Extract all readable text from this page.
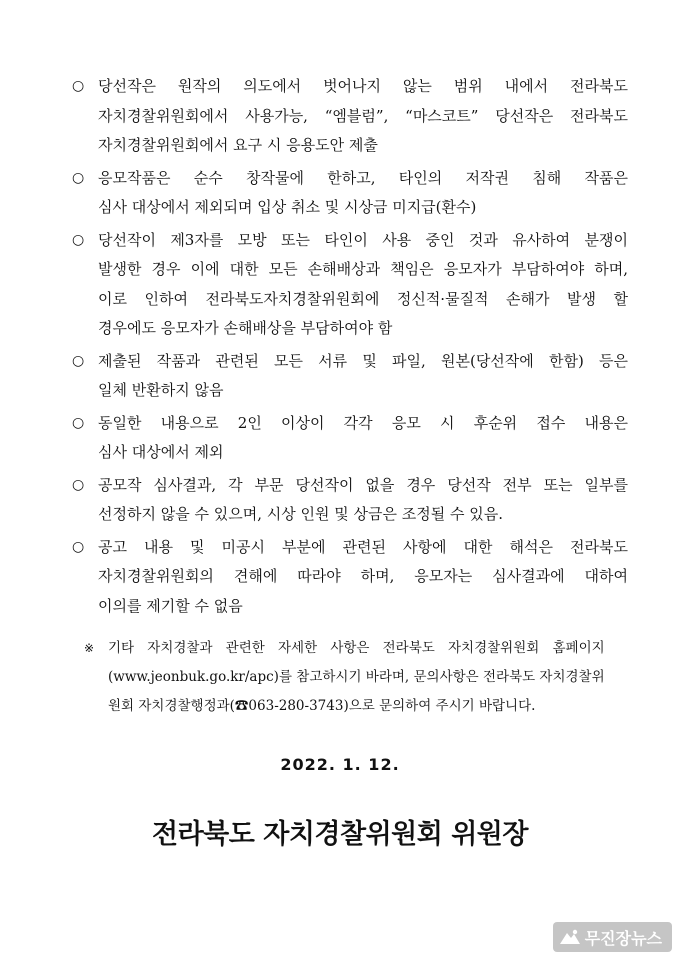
○ 당선작은 원작의 의도에서 벗어나지 않는 범위 내에서 전라북도
자치경찰위원회에서 사용가능, “엠블럼”, “마스코트” 당선작은 전라북도
자치경찰위원회에서 요구 시 응용도안 제출
○ 응모작품은 순수 창작물에 한하고, 타인의 저작권 침해 작품은
심사 대상에서 제외되며 입상 취소 및 시상금 미지급(환수)
○ 당선작이 제3자를 모방 또는 타인이 사용 중인 것과 유사하여 분쟁이
발생한 경우 이에 대한 모든 손해배상과 책임은 응모자가 부담하여야 하며,
이로 인하여 전라북도자치경찰위원회에 정신적·물질적 손해가 발생 할
경우에도 응모자가 손해배상을 부담하여야 함
○ 제출된 작품과 관련된 모든 서류 및 파일, 원본(당선작에 한함) 등은
일체 반환하지 않음
○ 동일한 내용으로 2인 이상이 각각 응모 시 후순위 접수 내용은
심사 대상에서 제외
○ 공모작 심사결과, 각 부문 당선작이 없을 경우 당선작 전부 또는 일부를
선정하지 않을 수 있으며, 시상 인원 및 상금은 조정될 수 있음.
○ 공고 내용 및 미공시 부분에 관련된 사항에 대한 해석은 전라북도
자치경찰위원회의 견해에 따라야 하며, 응모자는 심사결과에 대하여
이의를 제기할 수 없음
※	기타 자치경찰과 관련한 자세한 사항은 전라북도 자치경찰위원회 홈페이지
(www.jeonbuk.go.kr/apc)를 참고하시기 바라며, 문의사항은 전라북도 자치경찰위
원회 자치경찰행정과(☎063-280-3743)으로 문의하여 주시기 바랍니다.
2022. 1. 12.
전라북도 자치경찰위원회 위원장
무진장뉴스
